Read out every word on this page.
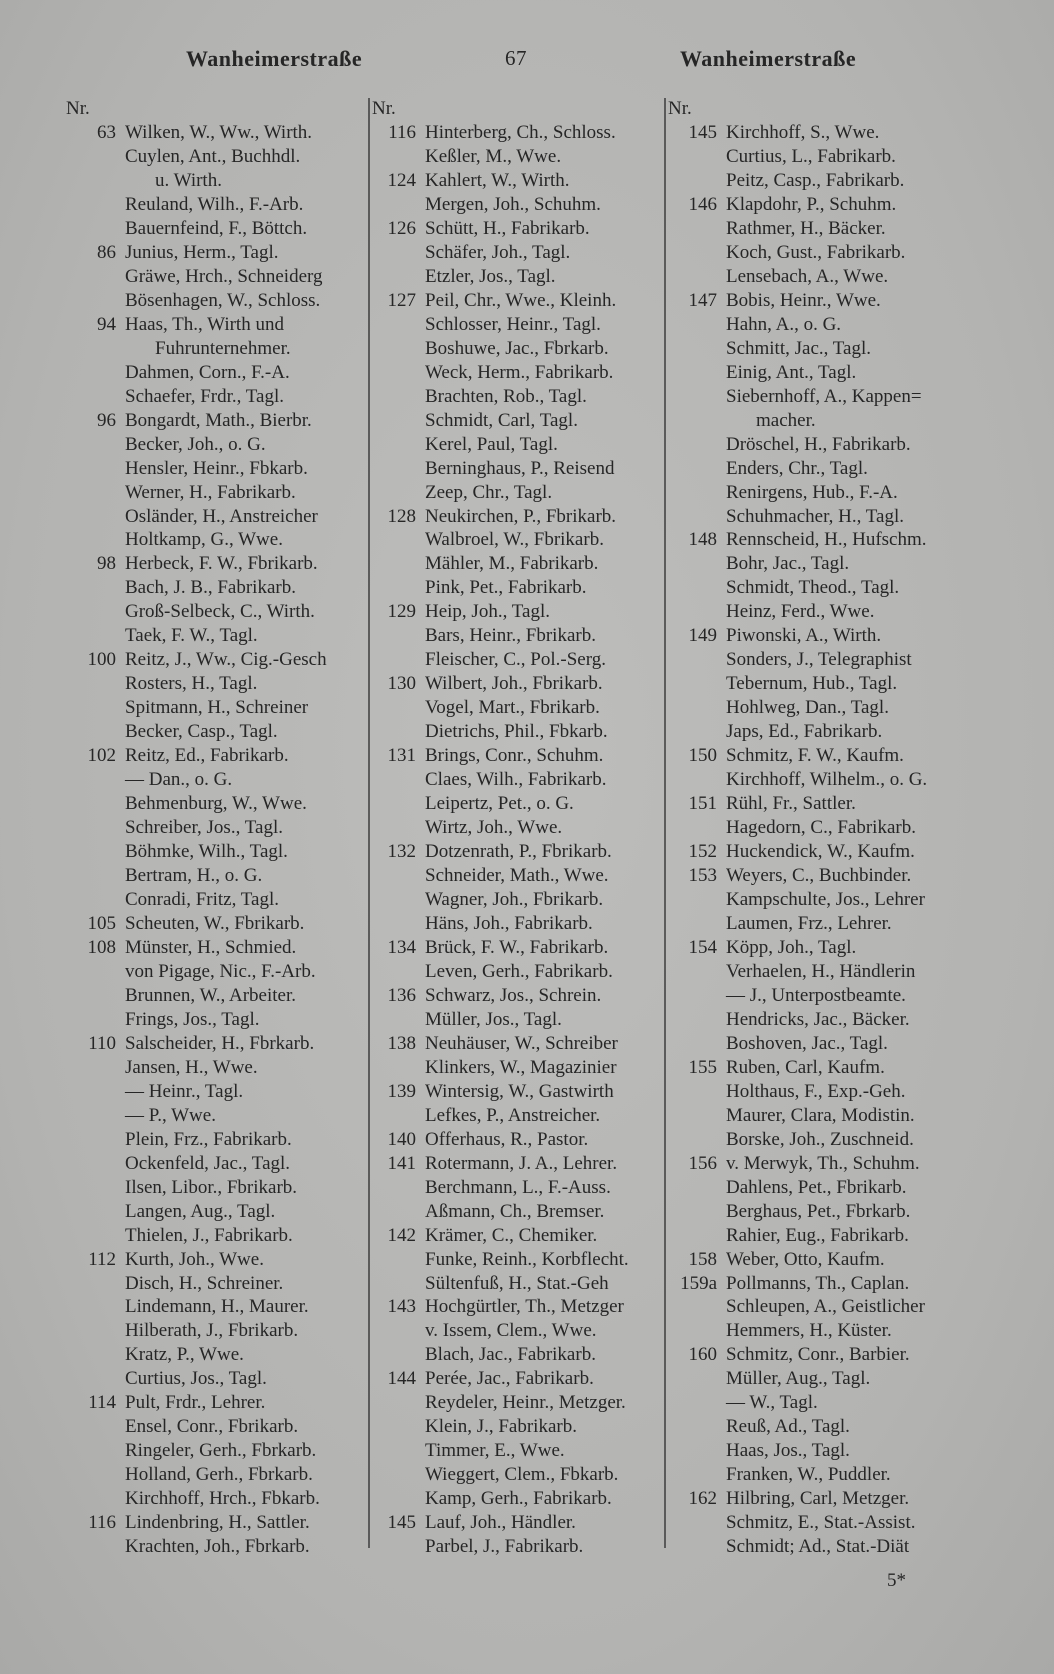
Wanheimerstraße	67	Wanheimerstraße
Nr.
63 Wilken, W., Ww., Wirth.
Cuylen, Ant., Buchhdl.
u. Wirth.
Reuland, Wilh., F.-Arb.
Bauernfeind, F., Böttch.
86 Junius, Herm., Tagl.
Gräwe, Hrch., Schneiderg
Bösenhagen, W., Schloss.
94 Haas, Th., Wirth und
Fuhrunternehmer.
Dahmen, Corn., F.-A.
Schaefer, Frdr., Tagl.
96 Bongardt, Math., Bierbr.
Becker, Joh., o. G.
Hensler, Heinr., Fbkarb.
Werner, H., Fabrikarb.
Osländer, H., Anstreicher
Holtkamp, G., Wwe.
98 Herbeck, F. W., Fbrikarb.
Bach, J. B., Fabrikarb.
Groß-Selbeck, C., Wirth.
Taek, F. W., Tagl.
100 Reitz, J., Ww., Cig.-Gesch
Rosters, H., Tagl.
Spitmann, H., Schreiner
Becker, Casp., Tagl.
102 Reitz, Ed., Fabrikarb.
— Dan., o. G.
Behmenburg, W., Wwe.
Schreiber, Jos., Tagl.
Böhmke, Wilh., Tagl.
Bertram, H., o. G.
Conradi, Fritz, Tagl.
105 Scheuten, W., Fbrikarb.
108 Münster, H., Schmied.
von Pigage, Nic., F.-Arb.
Brunnen, W., Arbeiter.
Frings, Jos., Tagl.
110 Salscheider, H., Fbrkarb.
Jansen, H., Wwe.
— Heinr., Tagl.
— P., Wwe.
Plein, Frz., Fabrikarb.
Ockenfeld, Jac., Tagl.
Ilsen, Libor., Fbrikarb.
Langen, Aug., Tagl.
Thielen, J., Fabrikarb.
112 Kurth, Joh., Wwe.
Disch, H., Schreiner.
Lindemann, H., Maurer.
Hilberath, J., Fbrikarb.
Kratz, P., Wwe.
Curtius, Jos., Tagl.
114 Pult, Frdr., Lehrer.
Ensel, Conr., Fbrikarb.
Ringeler, Gerh., Fbrkarb.
Holland, Gerh., Fbrkarb.
Kirchhoff, Hrch., Fbkarb.
116 Lindenbring, H., Sattler.
Krachten, Joh., Fbrkarb.
Nr.
116 Hinterberg, Ch., Schloss.
Keßler, M., Wwe.
124 Kahlert, W., Wirth.
Mergen, Joh., Schuhm.
126 Schütt, H., Fabrikarb.
Schäfer, Joh., Tagl.
Etzler, Jos., Tagl.
127 Peil, Chr., Wwe., Kleinh.
Schlosser, Heinr., Tagl.
Boshuwe, Jac., Fbrkarb.
Weck, Herm., Fabrikarb.
Brachten, Rob., Tagl.
Schmidt, Carl, Tagl.
Kerel, Paul, Tagl.
Berninghaus, P., Reisend
Zeep, Chr., Tagl.
128 Neukirchen, P., Fbrikarb.
Walbroel, W., Fbrikarb.
Mähler, M., Fabrikarb.
Pink, Pet., Fabrikarb.
129 Heip, Joh., Tagl.
Bars, Heinr., Fbrikarb.
Fleischer, C., Pol.-Serg.
130 Wilbert, Joh., Fbrikarb.
Vogel, Mart., Fbrikarb.
Dietrichs, Phil., Fbkarb.
131 Brings, Conr., Schuhm.
Claes, Wilh., Fabrikarb.
Leipertz, Pet., o. G.
Wirtz, Joh., Wwe.
132 Dotzenrath, P., Fbrikarb.
Schneider, Math., Wwe.
Wagner, Joh., Fbrikarb.
Häns, Joh., Fabrikarb.
134 Brück, F. W., Fabrikarb.
Leven, Gerh., Fabrikarb.
136 Schwarz, Jos., Schrein.
Müller, Jos., Tagl.
138 Neuhäuser, W., Schreiber
Klinkers, W., Magazinier
139 Wintersig, W., Gastwirth
Lefkes, P., Anstreicher.
140 Offerhaus, R., Pastor.
141 Rotermann, J. A., Lehrer.
Berchmann, L., F.-Auss.
Aßmann, Ch., Bremser.
142 Krämer, C., Chemiker.
Funke, Reinh., Korbflecht.
Sültenfuß, H., Stat.-Geh
143 Hochgürtler, Th., Metzger
v. Issem, Clem., Wwe.
Blach, Jac., Fabrikarb.
144 Perée, Jac., Fabrikarb.
Reydeler, Heinr., Metzger.
Klein, J., Fabrikarb.
Timmer, E., Wwe.
Wieggert, Clem., Fbkarb.
Kamp, Gerh., Fabrikarb.
145 Lauf, Joh., Händler.
Parbel, J., Fabrikarb.
Nr.
145 Kirchhoff, S., Wwe.
Curtius, L., Fabrikarb.
Peitz, Casp., Fabrikarb.
146 Klapdohr, P., Schuhm.
Rathmer, H., Bäcker.
Koch, Gust., Fabrikarb.
Lensebach, A., Wwe.
147 Bobis, Heinr., Wwe.
Hahn, A., o. G.
Schmitt, Jac., Tagl.
Einig, Ant., Tagl.
Siebernhoff, A., Kappen=
macher.
Dröschel, H., Fabrikarb.
Enders, Chr., Tagl.
Renirgens, Hub., F.-A.
Schuhmacher, H., Tagl.
148 Rennscheid, H., Hufschm.
Bohr, Jac., Tagl.
Schmidt, Theod., Tagl.
Heinz, Ferd., Wwe.
149 Piwonski, A., Wirth.
Sonders, J., Telegraphist
Tebernum, Hub., Tagl.
Hohlweg, Dan., Tagl.
Japs, Ed., Fabrikarb.
150 Schmitz, F. W., Kaufm.
Kirchhoff, Wilhelm., o. G.
151 Rühl, Fr., Sattler.
Hagedorn, C., Fabrikarb.
152 Huckendick, W., Kaufm.
153 Weyers, C., Buchbinder.
Kampschulte, Jos., Lehrer
Laumen, Frz., Lehrer.
154 Köpp, Joh., Tagl.
Verhaelen, H., Händlerin
— J., Unterpostbeamte.
Hendricks, Jac., Bäcker.
Boshoven, Jac., Tagl.
155 Ruben, Carl, Kaufm.
Holthaus, F., Exp.-Geh.
Maurer, Clara, Modistin.
Borske, Joh., Zuschneid.
156 v. Merwyk, Th., Schuhm.
Dahlens, Pet., Fbrikarb.
Berghaus, Pet., Fbrkarb.
Rahier, Eug., Fabrikarb.
158 Weber, Otto, Kaufm.
159a Pollmanns, Th., Caplan.
Schleupen, A., Geistlicher
Hemmers, H., Küster.
160 Schmitz, Conr., Barbier.
Müller, Aug., Tagl.
— W., Tagl.
Reuß, Ad., Tagl.
Haas, Jos., Tagl.
Franken, W., Puddler.
162 Hilbring, Carl, Metzger.
Schmitz, E., Stat.-Assist.
Schmidt; Ad., Stat.-Diät
5*
